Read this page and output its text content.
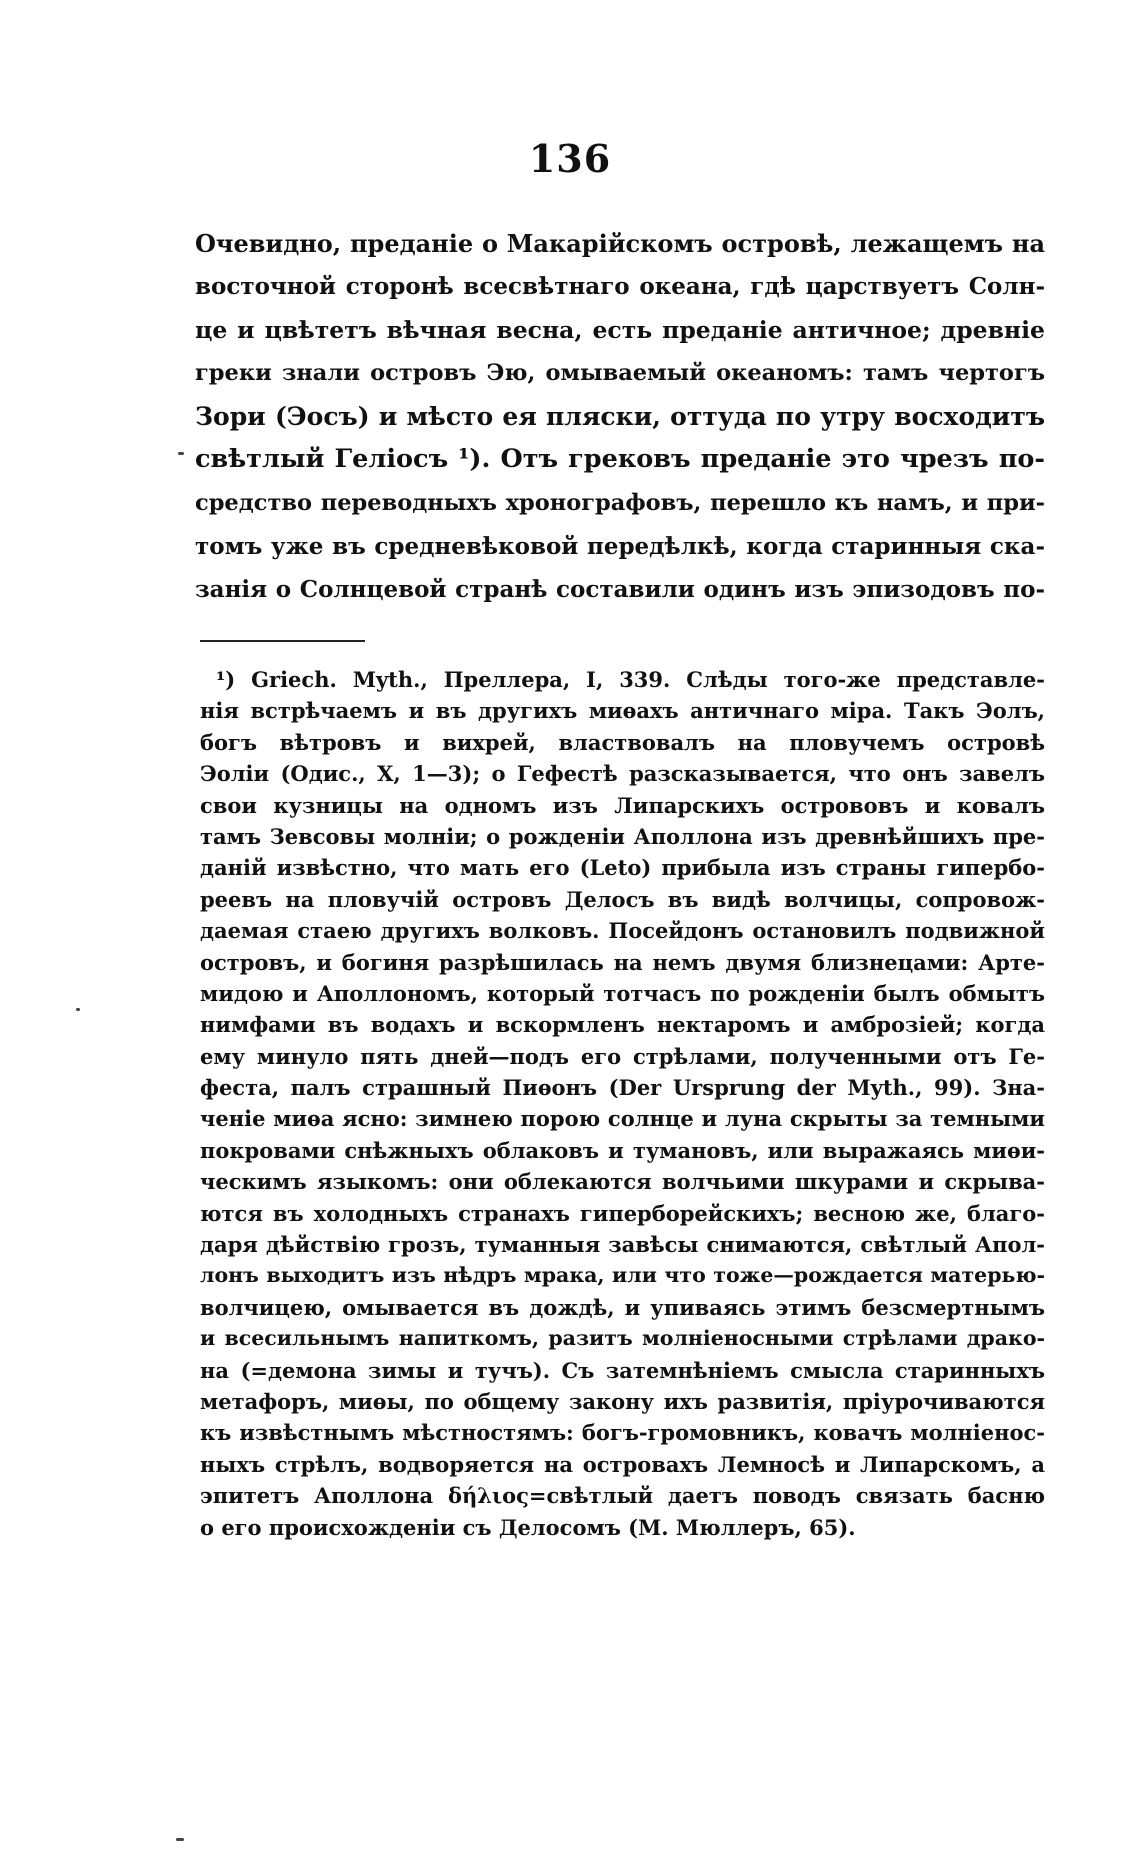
136
Очевидно, преданіе о Макарійскомъ островѣ, лежащемъ на
восточной сторонѣ всесвѣтнаго океана, гдѣ царствуетъ Солн-
це и цвѣтетъ вѣчная весна, есть преданіе античное; древніе
греки знали островъ Эю, омываемый океаномъ: тамъ чертогъ
Зори (Эосъ) и мѣсто ея пляски, оттуда по утру восходитъ
свѣтлый Геліосъ ¹). Отъ грековъ преданіе это чрезъ по-
средство переводныхъ хронографовъ, перешло къ намъ, и при-
томъ уже въ средневѣковой передѣлкѣ, когда старинныя ска-
занія о Солнцевой странѣ составили одинъ изъ эпизодовъ по-
¹) Griech. Myth., Преллера, I, 339. Слѣды того-же представле-
нія встрѣчаемъ и въ другихъ миѳахъ античнаго міра. Такъ Эолъ,
богъ вѣтровъ и вихрей, властвовалъ на пловучемъ островѣ
Эоліи (Одис., X, 1—3); о Гефестѣ разсказывается, что онъ завелъ
свои кузницы на одномъ изъ Липарскихъ острововъ и ковалъ
тамъ Зевсовы молніи; о рожденіи Аполлона изъ древнѣйшихъ пре-
даній извѣстно, что мать его (Leto) прибыла изъ страны гипербо-
реевъ на пловучій островъ Делосъ въ видѣ волчицы, сопровож-
даемая стаею другихъ волковъ. Посейдонъ остановилъ подвижной
островъ, и богиня разрѣшилась на немъ двумя близнецами: Арте-
мидою и Аполлономъ, который тотчасъ по рожденіи былъ обмытъ
нимфами въ водахъ и вскормленъ нектаромъ и амброзіей; когда
ему минуло пять дней—подъ его стрѣлами, полученными отъ Ге-
феста, палъ страшный Пиѳонъ (Der Ursprung der Myth., 99). Зна-
ченіе миѳа ясно: зимнею порою солнце и луна скрыты за темными
покровами снѣжныхъ облаковъ и тумановъ, или выражаясь миѳи-
ческимъ языкомъ: они облекаются волчьими шкурами и скрыва-
ются въ холодныхъ странахъ гиперборейскихъ; весною же, благо-
даря дѣйствію грозъ, туманныя завѣсы снимаются, свѣтлый Апол-
лонъ выходитъ изъ нѣдръ мрака, или что тоже—рождается матерью-
волчицею, омывается въ дождѣ, и упиваясь этимъ безсмертнымъ
и всесильнымъ напиткомъ, разитъ молніеносными стрѣлами драко-
на (=демона зимы и тучъ). Съ затемнѣніемъ смысла старинныхъ
метафоръ, миѳы, по общему закону ихъ развитія, пріурочиваются
къ извѣстнымъ мѣстностямъ: богъ-громовникъ, ковачъ молніенос-
ныхъ стрѣлъ, водворяется на островахъ Лемносѣ и Липарскомъ, а
эпитетъ Аполлона δήλιος=свѣтлый даетъ поводъ связать басню
о его происхожденіи съ Делосомъ (М. Мюллеръ, 65).
